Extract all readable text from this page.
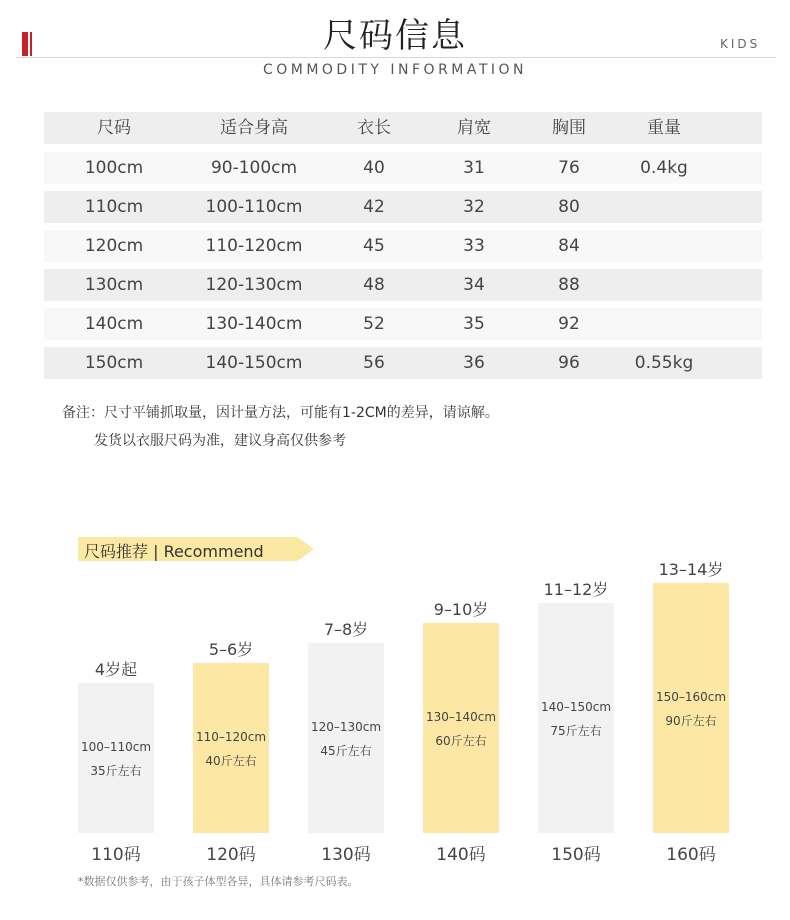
尺码信息	KIDS
COMMODITY INFORMATION
尺码	适合身高	衣长	肩宽	胸围	重量
100cm	90-100cm	40	31	76	0.4kg
110cm	100-110cm	42	32	80
120cm	110-120cm	45	33	84
130cm	120-130cm	48	34	88
140cm	130-140cm	52	35	92
150cm	140-150cm	56	36	96	0.55kg
备注：尺寸平铺抓取量，因计量方法，可能有1-2CM的差异，请谅解。
发货以衣服尺码为准，建议身高仅供参考
尺码推荐 | Recommend
100–110cm
35斤左右
4岁起
110码
110–120cm
40斤左右
5–6岁
120码
120–130cm
45斤左右
7–8岁
130码
130–140cm
60斤左右
9–10岁
140码
140–150cm
75斤左右
11–12岁
150码
150–160cm
90斤左右
13–14岁
160码
*数据仅供参考，由于孩子体型各异，具体请参考尺码表。
